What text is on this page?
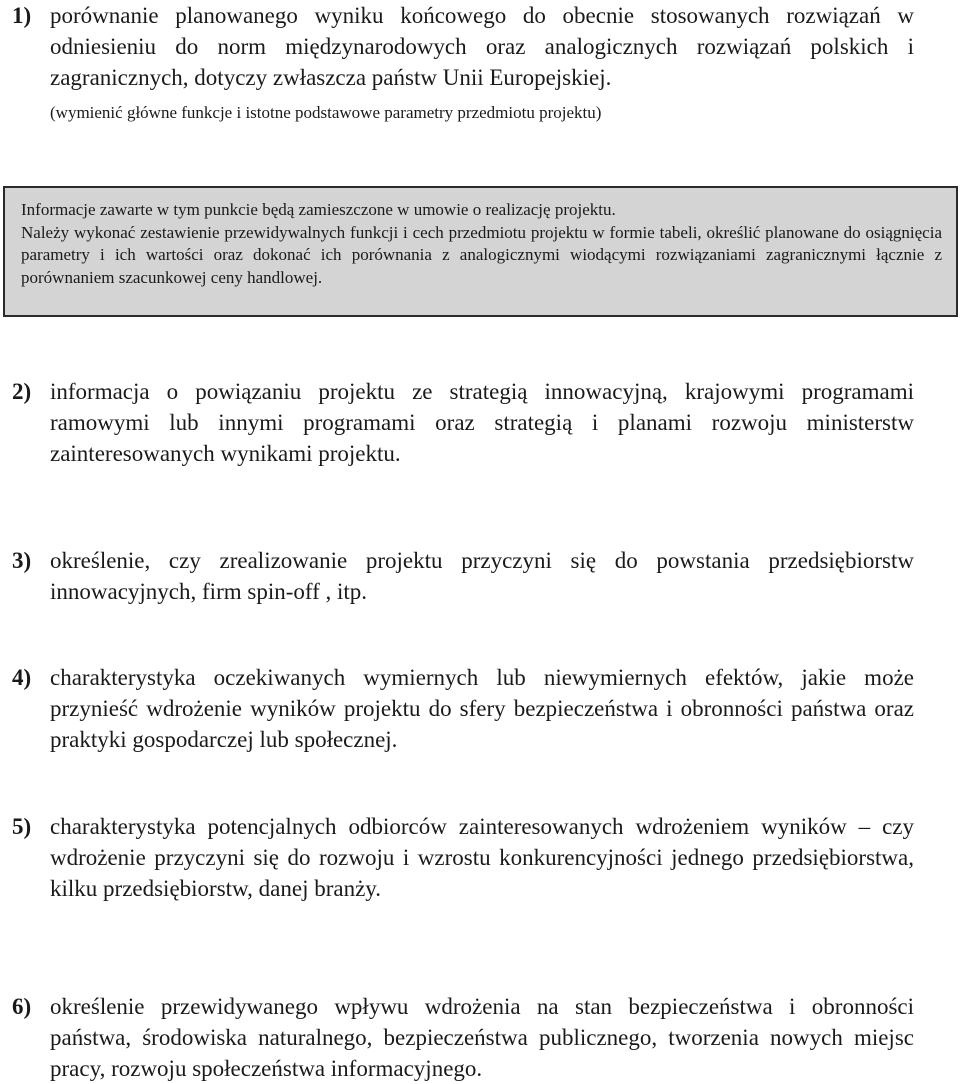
1) porównanie planowanego wyniku końcowego do obecnie stosowanych rozwiązań w odniesieniu do norm międzynarodowych oraz analogicznych rozwiązań polskich i zagranicznych, dotyczy zwłaszcza państw Unii Europejskiej.
(wymienić główne funkcje i istotne podstawowe parametry przedmiotu projektu)
Informacje zawarte w tym punkcie będą zamieszczone w umowie o realizację projektu.
Należy wykonać zestawienie przewidywalnych funkcji i cech przedmiotu projektu w formie tabeli, określić planowane do osiągnięcia parametry i ich wartości oraz dokonać ich porównania z analogicznymi wiodącymi rozwiązaniami zagranicznymi łącznie z porównaniem szacunkowej ceny handlowej.
2) informacja o powiązaniu projektu ze strategią innowacyjną, krajowymi programami ramowymi lub innymi programami oraz strategią i planami rozwoju ministerstw zainteresowanych wynikami projektu.
3) określenie, czy zrealizowanie projektu przyczyni się do powstania przedsiębiorstw innowacyjnych, firm spin-off , itp.
4) charakterystyka oczekiwanych wymiernych lub niewymiernych efektów, jakie może przynieść wdrożenie wyników projektu do sfery bezpieczeństwa i obronności państwa oraz praktyki gospodarczej lub społecznej.
5) charakterystyka potencjalnych odbiorców zainteresowanych wdrożeniem wyników – czy wdrożenie przyczyni się do rozwoju i wzrostu konkurencyjności jednego przedsiębiorstwa, kilku przedsiębiorstw, danej branży.
6) określenie przewidywanego wpływu wdrożenia na stan bezpieczeństwa i obronności państwa, środowiska naturalnego, bezpieczeństwa publicznego, tworzenia nowych miejsc pracy, rozwoju społeczeństwa informacyjnego.
